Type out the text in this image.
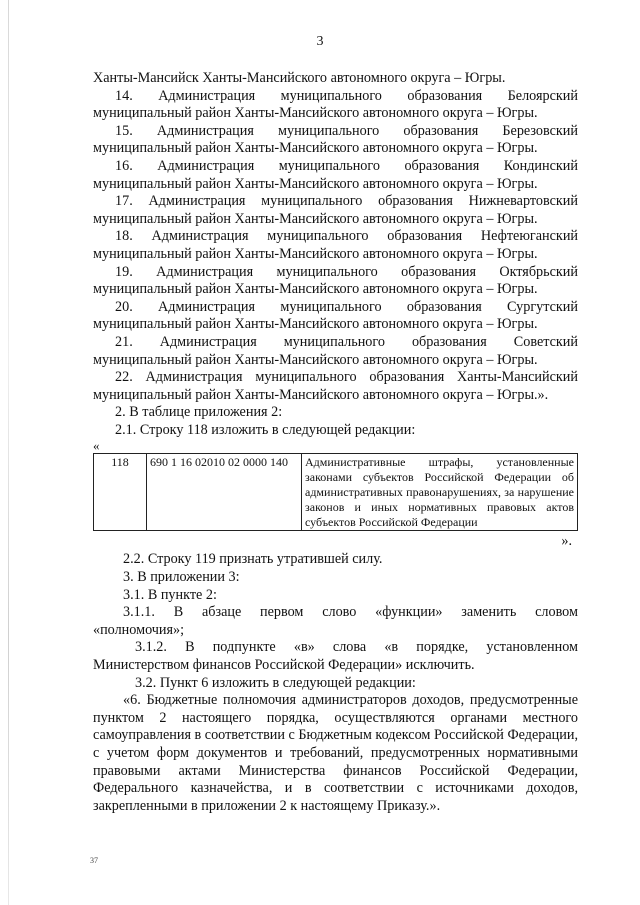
3

Ханты-Мансийск Ханты-Мансийского автономного округа – Югры.

14. Администрация муниципального образования Белоярский

муниципальный район Ханты-Мансийского автономного округа – Югры.

15. Администрация муниципального образования Березовский

муниципальный район Ханты-Мансийского автономного округа – Югры.

16. Администрация муниципального образования Кондинский

муниципальный район Ханты-Мансийского автономного округа – Югры.

17. Администрация муниципального образования Нижневартовский

муниципальный район Ханты-Мансийского автономного округа – Югры.

18. Администрация муниципального образования Нефтеюганский

муниципальный район Ханты-Мансийского автономного округа – Югры.

19. Администрация муниципального образования Октябрьский

муниципальный район Ханты-Мансийского автономного округа – Югры.

20. Администрация муниципального образования Сургутский

муниципальный район Ханты-Мансийского автономного округа – Югры.

21. Администрация муниципального образования Советский

муниципальный район Ханты-Мансийского автономного округа – Югры.

22. Администрация муниципального образования Ханты-Мансийский

муниципальный район Ханты-Мансийского автономного округа – Югры.».

2. В таблице приложения 2:

2.1. Строку 118 изложить в следующей редакции:

«

118	690 1 16 02010 02 0000 140	Административные штрафы, установленные законами субъектов Российской Федерации об административных правонарушениях, за нарушение законов и иных нормативных правовых актов субъектов Российской Федерации

».

2.2. Строку 119 признать утратившей силу.

3. В приложении 3:

3.1. В пункте 2:

3.1.1. В абзаце первом слово «функции» заменить словом

«полномочия»;

3.1.2. В подпункте «в» слова «в порядке, установленном

Министерством финансов Российской Федерации» исключить.

3.2. Пункт 6 изложить в следующей редакции:

«6. Бюджетные полномочия администраторов доходов, предусмотренные пунктом 2 настоящего порядка, осуществляются органами местного самоуправления в соответствии с Бюджетным кодексом Российской Федерации, с учетом форм документов и требований, предусмотренных нормативными правовыми актами Министерства финансов Российской Федерации, Федерального казначейства, и в соответствии с источниками доходов, закрепленными в приложении 2 к настоящему Приказу.».

37
